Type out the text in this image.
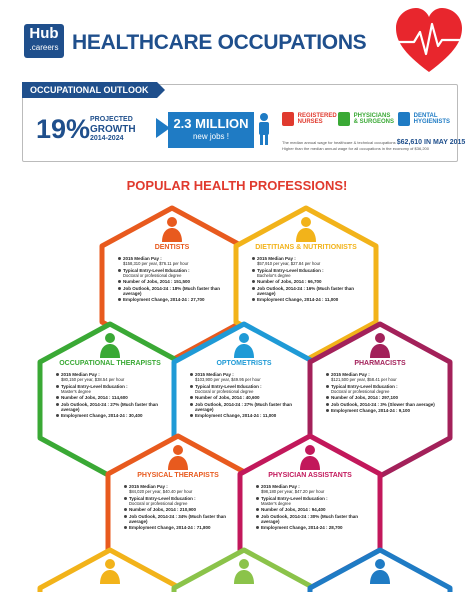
Hub
.careers HEALTHCARE OCCUPATIONS
OCCUPATIONAL OUTLOOK
19% PROJECTED
GROWTH
2014-2024
2.3 MILLION
new jobs !
REGISTERED
NURSES
PHYSICIANS
& SURGEONS
DENTAL
HYGIENISTS
The median annual wage for healthcare & technical occupations $62,610 IN MAY 2015
Higher than the median annual wage for all occupations in the economy of $36,200
POPULAR HEALTH PROFESSIONS!
DENTISTS
2015 Median Pay :
$158,310 per year, $76.11 per hour
Typical Entry-Level Education :
Doctoral or professional degree
Number of Jobs, 2014 : 151,500
Job Outlook, 2014-24 : 18% (Much faster than average)
Employment Change, 2014-24 : 27,700
DIETITIANS & NUTRITIONISTS
2015 Median Pay :
$57,910 per year, $27.84 per hour
Typical Entry-Level Education :
Bachelor's degree
Number of Jobs, 2014 : 66,700
Job Outlook, 2014-24 : 16% (Much faster than average)
Employment Change, 2014-24 : 11,000
OCCUPATIONAL THERAPISTS
2015 Median Pay :
$80,150 per year, $38.54 per hour
Typical Entry-Level Education :
Master's degree
Number of Jobs, 2014 : 114,600
Job Outlook, 2014-24 : 27% (Much faster than average)
Employment Change, 2014-24 : 30,400
OPTOMETRISTS
2015 Median Pay :
$103,900 per year, $49.95 per hour
Typical Entry-Level Education :
Doctoral or professional degree
Number of Jobs, 2014 : 40,600
Job Outlook, 2014-24 : 27% (Much faster than average)
Employment Change, 2014-24 : 11,000
PHARMACISTS
2015 Median Pay :
$121,500 per year, $58.41 per hour
Typical Entry-Level Education :
Doctoral or professional degree
Number of Jobs, 2014 : 297,100
Job Outlook, 2014-24 : 3% (Slower than average)
Employment Change, 2014-24 : 9,100
PHYSICAL THERAPISTS
2015 Median Pay :
$84,020 per year, $40.40 per hour
Typical Entry-Level Education :
Doctoral or professional degree
Number of Jobs, 2014 : 210,900
Job Outlook, 2014-24 : 34% (Much faster than average)
Employment Change, 2014-24 : 71,800
PHYSICIAN ASSISTANTS
2015 Median Pay :
$98,180 per year, $47.20 per hour
Typical Entry-Level Education :
Master's degree
Number of Jobs, 2014 : 94,400
Job Outlook, 2014-24 : 30% (Much faster than average)
Employment Change, 2014-24 : 28,700
